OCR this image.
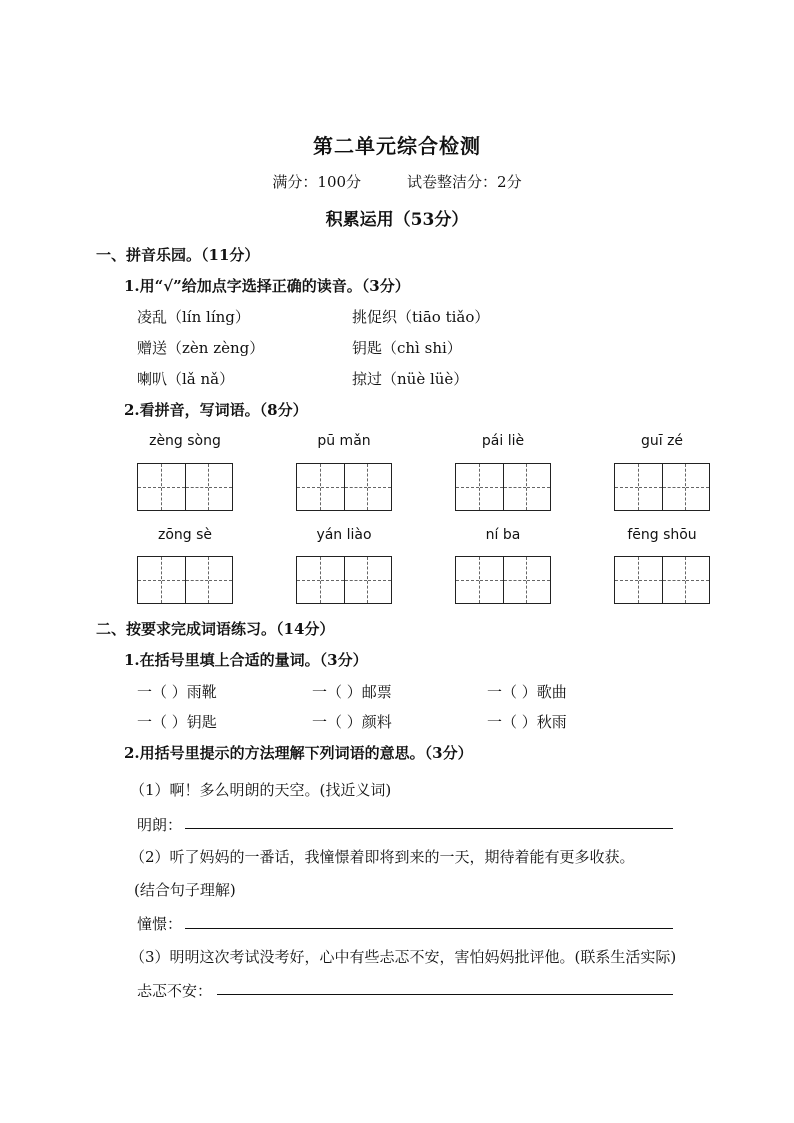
第二单元综合检测
满分：100分	试卷整洁分：2分
积累运用（53分）
一、拼音乐园。（11分）
1.用“√”给加点字选择正确的读音。（3分）
凌乱（lín líng）	挑促织（tiāo tiǎo）
赠送（zèn zèng）	钥匙（chì shi）
喇叭（lǎ nǎ）	掠过（nüè lüè）
2.看拼音，写词语。（8分）
zèng sòng	pū mǎn	pái liè	guī zé
zōng sè	yán liào	ní ba	fēng shōu
二、按要求完成词语练习。（14分）
1.在括号里填上合适的量词。（3分）
一（ ）雨靴	一（ ）邮票	一（ ）歌曲
一（ ）钥匙	一（ ）颜料	一（ ）秋雨
2.用括号里提示的方法理解下列词语的意思。（3分）
（1）啊！多么明朗的天空。(找近义词)
明朗：
（2）听了妈妈的一番话，我憧憬着即将到来的一天，期待着能有更多收获。
(结合句子理解)
憧憬：
（3）明明这次考试没考好，心中有些忐忑不安，害怕妈妈批评他。(联系生活实际)
忐忑不安：
